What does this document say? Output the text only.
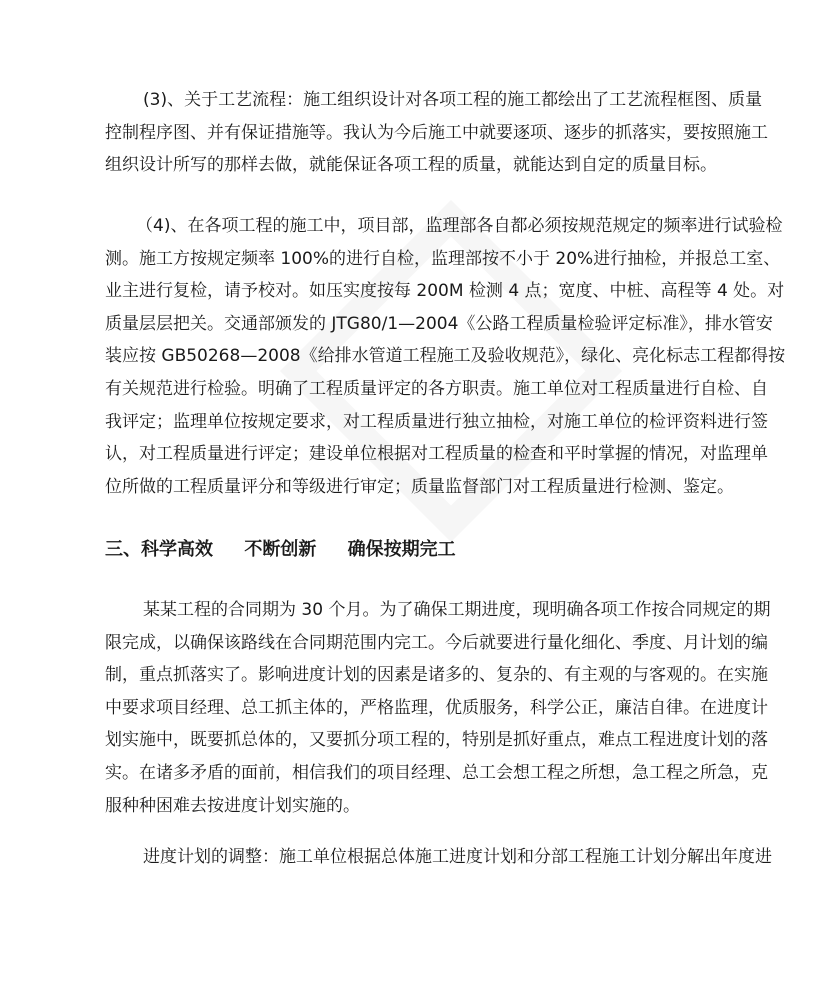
(3)、关于工艺流程：施工组织设计对各项工程的施工都绘出了工艺流程框图、质量
控制程序图、并有保证措施等。我认为今后施工中就要逐项、逐步的抓落实，要按照施工
组织设计所写的那样去做，就能保证各项工程的质量，就能达到自定的质量目标。
（4)、在各项工程的施工中，项目部，监理部各自都必须按规范规定的频率进行试验检
测。施工方按规定频率 100%的进行自检，监理部按不小于 20%进行抽检，并报总工室、
业主进行复检，请予校对。如压实度按每 200M 检测 4 点；宽度、中桩、高程等 4 处。对
质量层层把关。交通部颁发的 JTG80/1—2004《公路工程质量检验评定标准》，排水管安
装应按 GB50268—2008《给排水管道工程施工及验收规范》，绿化、亮化标志工程都得按
有关规范进行检验。明确了工程质量评定的各方职责。施工单位对工程质量进行自检、自
我评定；监理单位按规定要求，对工程质量进行独立抽检，对施工单位的检评资料进行签
认，对工程质量进行评定；建设单位根据对工程质量的检查和平时掌握的情况，对监理单
位所做的工程质量评分和等级进行审定；质量监督部门对工程质量进行检测、鉴定。
三、科学高效     不断创新     确保按期完工
某某工程的合同期为 30 个月。为了确保工期进度，现明确各项工作按合同规定的期
限完成，以确保该路线在合同期范围内完工。今后就要进行量化细化、季度、月计划的编
制，重点抓落实了。影响进度计划的因素是诸多的、复杂的、有主观的与客观的。在实施
中要求项目经理、总工抓主体的，严格监理，优质服务，科学公正，廉洁自律。在进度计
划实施中，既要抓总体的，又要抓分项工程的，特别是抓好重点，难点工程进度计划的落
实。在诸多矛盾的面前，相信我们的项目经理、总工会想工程之所想，急工程之所急，克
服种种困难去按进度计划实施的。
进度计划的调整：施工单位根据总体施工进度计划和分部工程施工计划分解出年度进
